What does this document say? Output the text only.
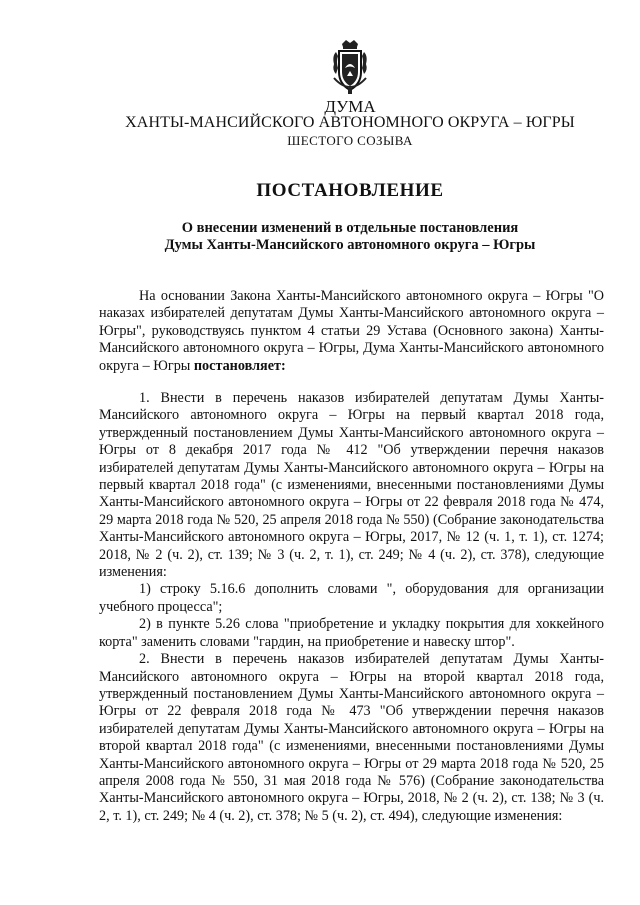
ДУМА
ХАНТЫ-МАНСИЙСКОГО АВТОНОМНОГО ОКРУГА – ЮГРЫ
ШЕСТОГО СОЗЫВА
ПОСТАНОВЛЕНИЕ
О внесении изменений в отдельные постановления
Думы Ханты-Мансийского автономного округа – Югры

На основании Закона Ханты-Мансийского автономного округа – Югры "О наказах избирателей депутатам Думы Ханты-Мансийского автономного округа – Югры", руководствуясь пунктом 4 статьи 29 Устава (Основного закона) Ханты-Мансийского автономного округа – Югры, Дума Ханты-Мансийского автономного округа – Югры постановляет:

1. Внести в перечень наказов избирателей депутатам Думы Ханты-Мансийского автономного округа – Югры на первый квартал 2018 года, утвержденный постановлением Думы Ханты-Мансийского автономного округа – Югры от 8 декабря 2017 года № 412 "Об утверждении перечня наказов избирателей депутатам Думы Ханты-Мансийского автономного округа – Югры на первый квартал 2018 года" (с изменениями, внесенными постановлениями Думы Ханты-Мансийского автономного округа – Югры от 22 февраля 2018 года № 474, 29 марта 2018 года № 520, 25 апреля 2018 года № 550) (Собрание законодательства Ханты-Мансийского автономного округа – Югры, 2017, № 12 (ч. 1, т. 1), ст. 1274; 2018, № 2 (ч. 2), ст. 139; № 3 (ч. 2, т. 1), ст. 249; № 4 (ч. 2), ст. 378), следующие изменения:

1) строку 5.16.6 дополнить словами ", оборудования для организации учебного процесса";

2) в пункте 5.26 слова "приобретение и укладку покрытия для хоккейного корта" заменить словами "гардин, на приобретение и навеску штор".

2. Внести в перечень наказов избирателей депутатам Думы Ханты-Мансийского автономного округа – Югры на второй квартал 2018 года, утвержденный постановлением Думы Ханты-Мансийского автономного округа – Югры от 22 февраля 2018 года № 473 "Об утверждении перечня наказов избирателей депутатам Думы Ханты-Мансийского автономного округа – Югры на второй квартал 2018 года" (с изменениями, внесенными постановлениями Думы Ханты-Мансийского автономного округа – Югры от 29 марта 2018 года № 520, 25 апреля 2008 года № 550, 31 мая 2018 года № 576) (Собрание законодательства Ханты-Мансийского автономного округа – Югры, 2018, № 2 (ч. 2), ст. 138; № 3 (ч. 2, т. 1), ст. 249; № 4 (ч. 2), ст. 378; № 5 (ч. 2), ст. 494), следующие изменения:
